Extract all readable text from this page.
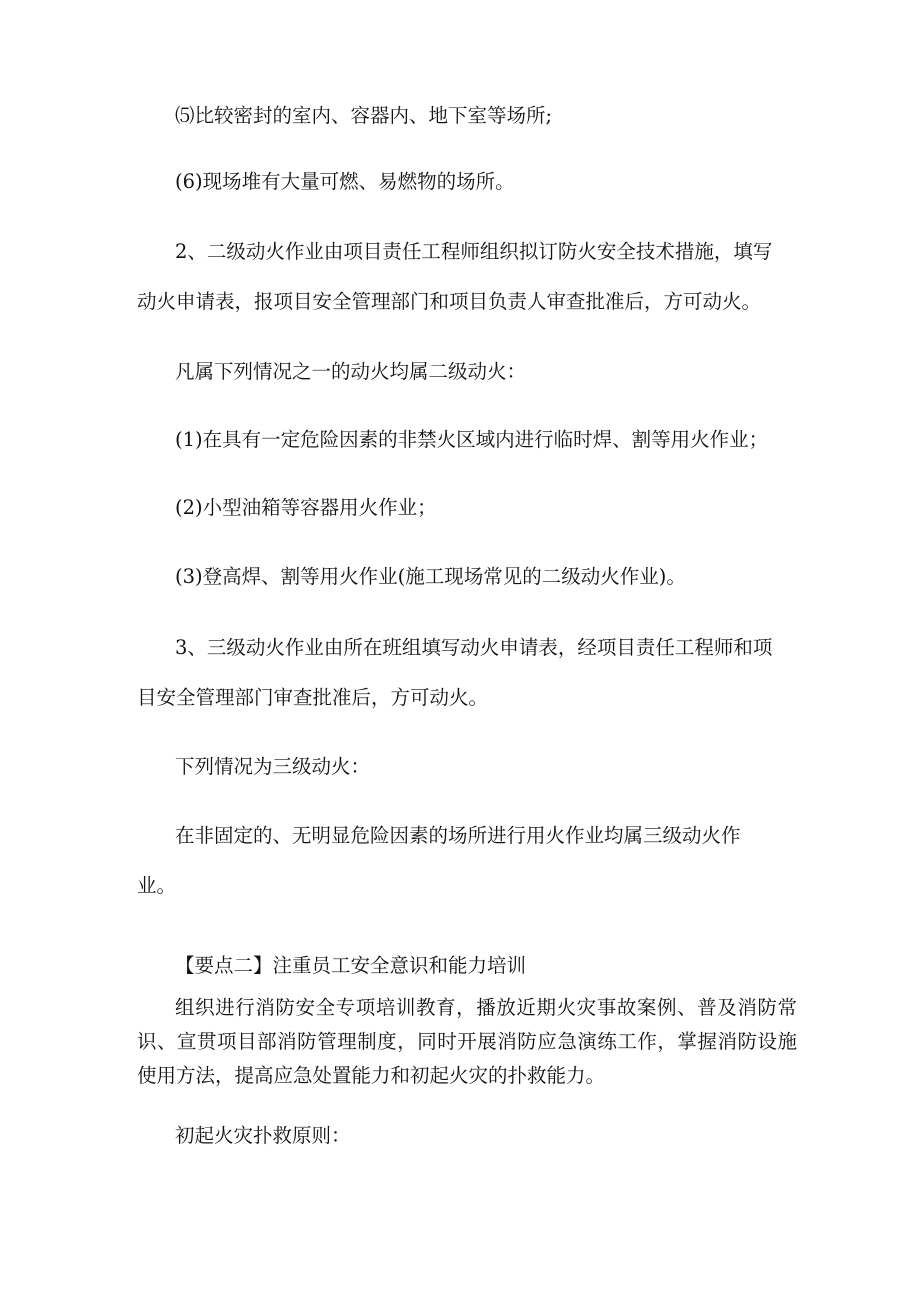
⑸比较密封的室内、容器内、地下室等场所;
(6)现场堆有大量可燃、易燃物的场所。
2、二级动火作业由项目责任工程师组织拟订防火安全技术措施，填写
动火申请表，报项目安全管理部门和项目负责人审查批准后，方可动火。
凡属下列情况之一的动火均属二级动火：
(1)在具有一定危险因素的非禁火区域内进行临时焊、割等用火作业；
(2)小型油箱等容器用火作业；
(3)登高焊、割等用火作业(施工现场常见的二级动火作业)。
3、三级动火作业由所在班组填写动火申请表，经项目责任工程师和项
目安全管理部门审查批准后，方可动火。
下列情况为三级动火：
在非固定的、无明显危险因素的场所进行用火作业均属三级动火作
业。
【要点二】注重员工安全意识和能力培训
组织进行消防安全专项培训教育，播放近期火灾事故案例、普及消防常识、宣贯项目部消防管理制度，同时开展消防应急演练工作，掌握消防设施使用方法，提高应急处置能力和初起火灾的扑救能力。
初起火灾扑救原则：
